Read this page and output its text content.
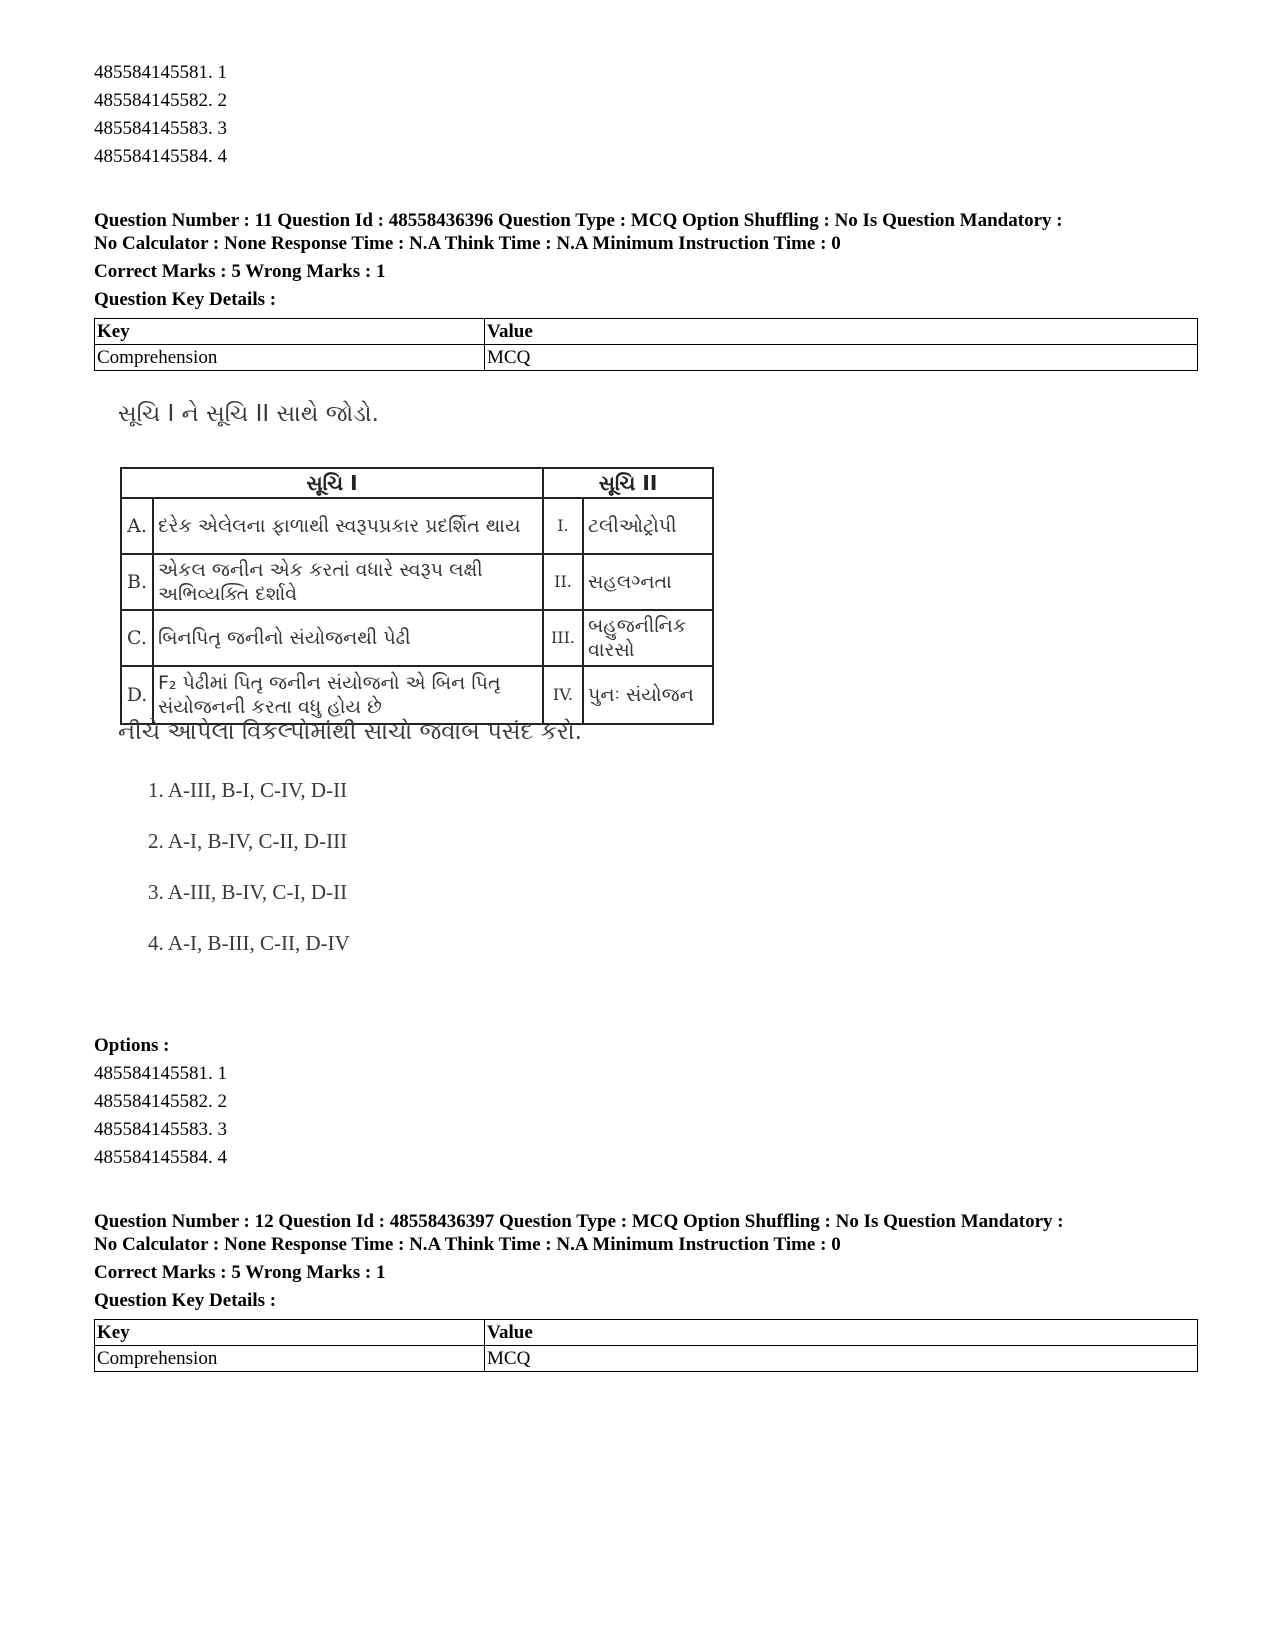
485584145581. 1
485584145582. 2
485584145583. 3
485584145584. 4
Question Number : 11 Question Id : 48558436396 Question Type : MCQ Option Shuffling : No Is Question Mandatory :
No Calculator : None Response Time : N.A Think Time : N.A Minimum Instruction Time : 0
Correct Marks : 5 Wrong Marks : 1
Question Key Details :
Key	Value
Comprehension	MCQ
સૂચિ I ને સૂચિ II સાથે જોડો.
સૂચિ I		સૂચિ II	
A.	દરેક એલેલના ફાળાથી સ્વરૂપપ્રકાર પ્રદર્શિત થાય	I.	ટલીઓટ્રોપી
B.	એકલ જનીન એક કરતાં વધારે સ્વરૂપ લક્ષી અભિવ્યક્તિ દર્શાવે	II.	સહલગ્નતા
C.	બિનપિતૃ જનીનો સંયોજનથી પેઢી	III.	બહુજનીનિક વારસો
D.	F₂ પેઢીમાં પિતૃ જનીન સંયોજનો એ બિન પિતૃ સંયોજનની કરતા વધુ હોય છે	IV.	પુનઃ સંયોજન
નીચે આપેલા વિકલ્પોમાંથી સાચો જવાબ પસંદ કરો.
1. A-III, B-I, C-IV, D-II
2. A-I, B-IV, C-II, D-III
3. A-III, B-IV, C-I, D-II
4. A-I, B-III, C-II, D-IV
Options :
485584145581. 1
485584145582. 2
485584145583. 3
485584145584. 4
Question Number : 12 Question Id : 48558436397 Question Type : MCQ Option Shuffling : No Is Question Mandatory :
No Calculator : None Response Time : N.A Think Time : N.A Minimum Instruction Time : 0
Correct Marks : 5 Wrong Marks : 1
Question Key Details :
Key	Value
Comprehension	MCQ
